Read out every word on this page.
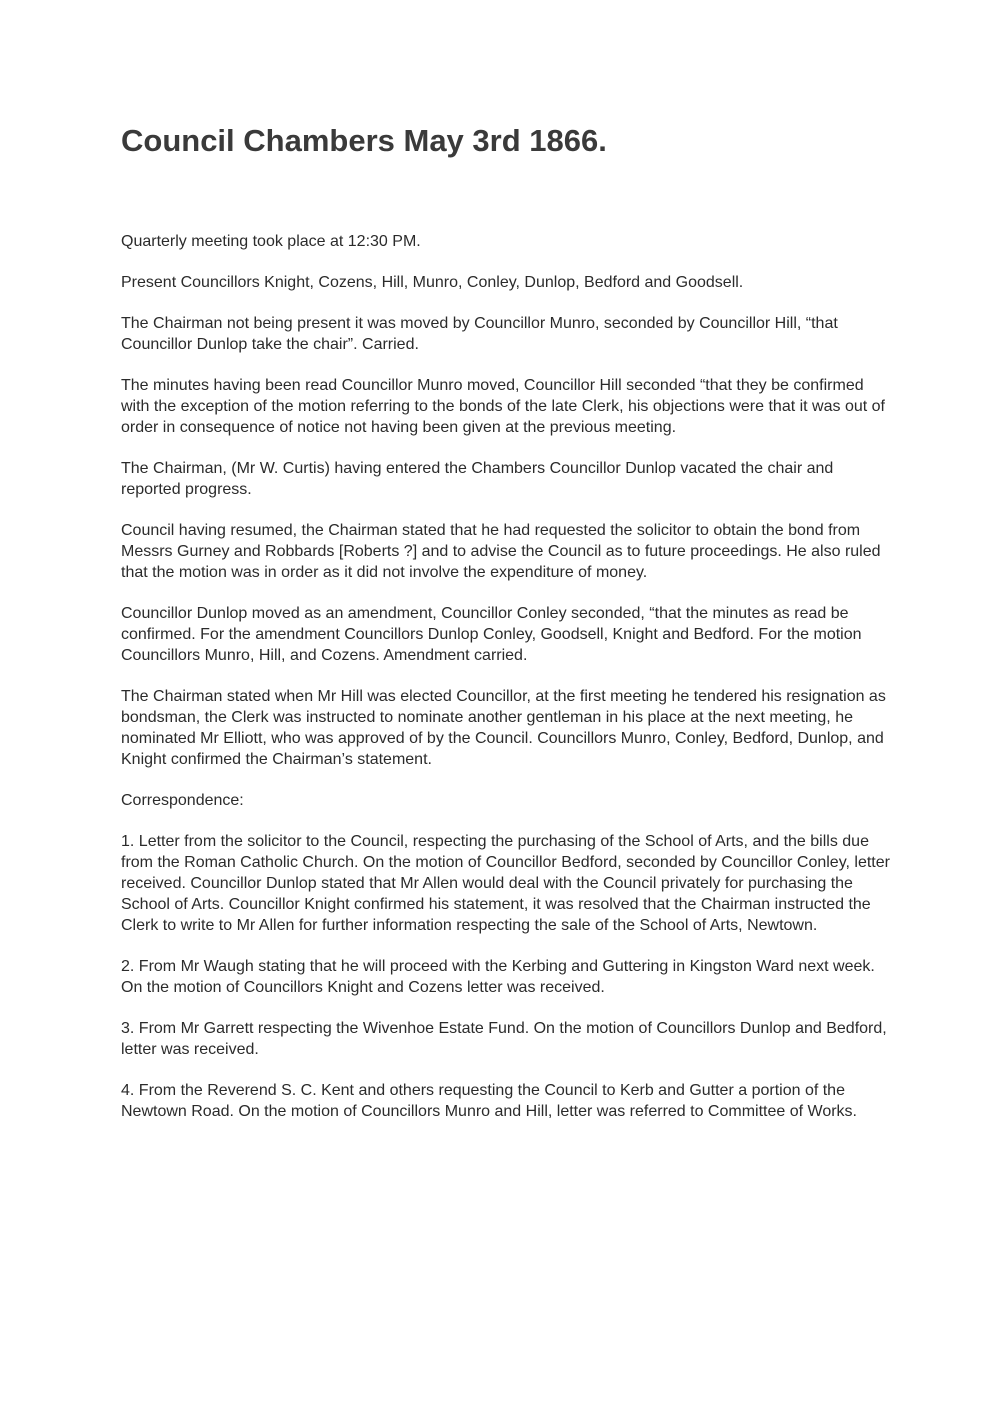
Council Chambers May 3rd 1866.

Quarterly meeting took place at 12:30 PM.

Present Councillors Knight, Cozens, Hill, Munro, Conley, Dunlop, Bedford and Goodsell.

The Chairman not being present it was moved by Councillor Munro, seconded by Councillor Hill, “that Councillor Dunlop take the chair”. Carried.

The minutes having been read Councillor Munro moved, Councillor Hill seconded “that they be confirmed with the exception of the motion referring to the bonds of the late Clerk, his objections were that it was out of order in consequence of notice not having been given at the previous meeting.

The Chairman, (Mr W. Curtis) having entered the Chambers Councillor Dunlop vacated the chair and reported progress.

Council having resumed, the Chairman stated that he had requested the solicitor to obtain the bond from Messrs Gurney and Robbards [Roberts ?] and to advise the Council as to future proceedings. He also ruled that the motion was in order as it did not involve the expenditure of money.

Councillor Dunlop moved as an amendment, Councillor Conley seconded, “that the minutes as read be confirmed. For the amendment Councillors Dunlop Conley, Goodsell, Knight and Bedford. For the motion Councillors Munro, Hill, and Cozens. Amendment carried.

The Chairman stated when Mr Hill was elected Councillor, at the first meeting he tendered his resignation as bondsman, the Clerk was instructed to nominate another gentleman in his place at the next meeting, he nominated Mr Elliott, who was approved of by the Council. Councillors Munro, Conley, Bedford, Dunlop, and Knight confirmed the Chairman’s statement.

Correspondence:

1. Letter from the solicitor to the Council, respecting the purchasing of the School of Arts, and the bills due from the Roman Catholic Church. On the motion of Councillor Bedford, seconded by Councillor Conley, letter received. Councillor Dunlop stated that Mr Allen would deal with the Council privately for purchasing the School of Arts. Councillor Knight confirmed his statement, it was resolved that the Chairman instructed the Clerk to write to Mr Allen for further information respecting the sale of the School of Arts, Newtown.

2. From Mr Waugh stating that he will proceed with the Kerbing and Guttering in Kingston Ward next week. On the motion of Councillors Knight and Cozens letter was received.

3. From Mr Garrett respecting the Wivenhoe Estate Fund. On the motion of Councillors Dunlop and Bedford, letter was received.

4. From the Reverend S. C. Kent and others requesting the Council to Kerb and Gutter a portion of the Newtown Road. On the motion of Councillors Munro and Hill, letter was referred to Committee of Works.
